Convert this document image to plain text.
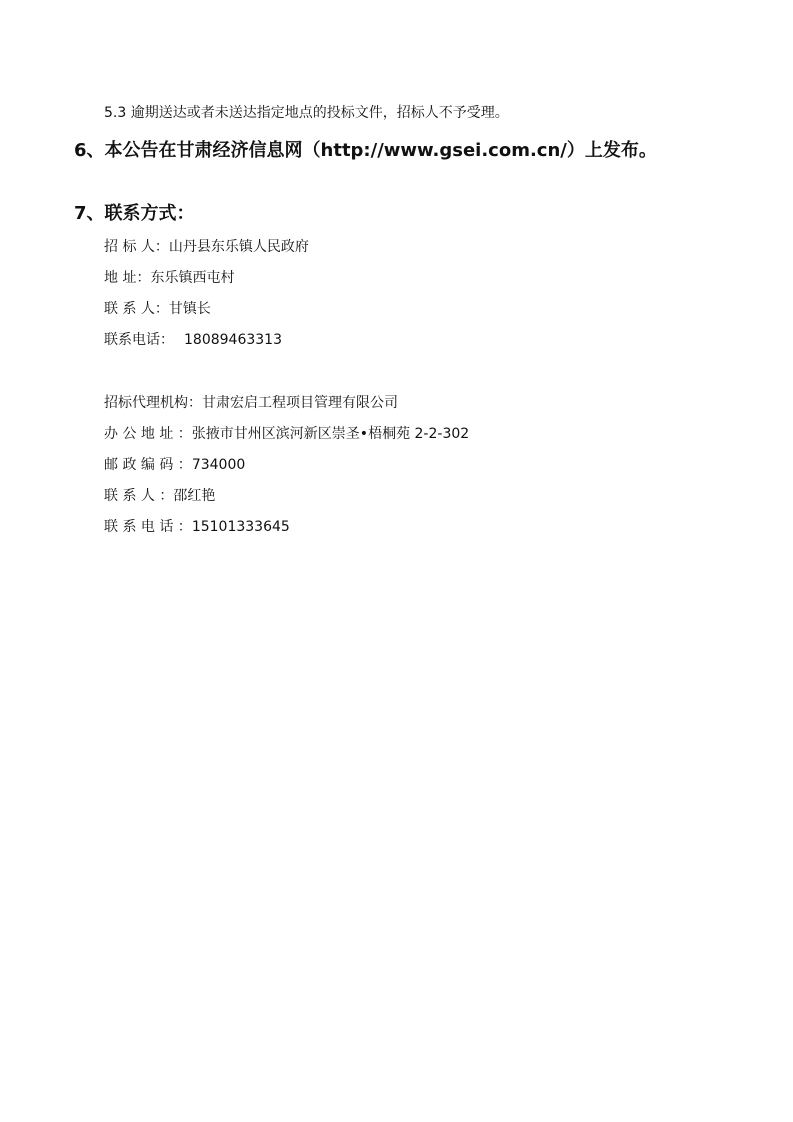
5.3 逾期送达或者未送达指定地点的投标文件，招标人不予受理。
6、本公告在甘肃经济信息网（http://www.gsei.com.cn/）上发布。
7、联系方式：
招 标 人：山丹县东乐镇人民政府
地 址：东乐镇西屯村
联 系 人：甘镇长
联系电话： 18089463313
招标代理机构：甘肃宏启工程项目管理有限公司
办 公 地 址 ：张掖市甘州区滨河新区崇圣•梧桐苑 2-2-302
邮 政 编 码 ：734000
联 系 人 ：邵红艳
联 系 电 话 ：15101333645
